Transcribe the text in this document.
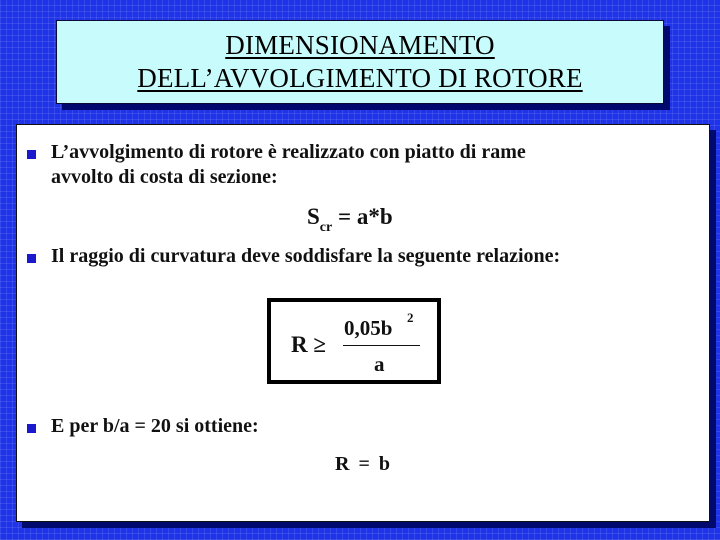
DIMENSIONAMENTO
DELL’AVVOLGIMENTO DI ROTORE
L’avvolgimento di rotore è realizzato con piatto di rame
avvolto di costa di sezione:
$S_{cr} = a*b$
Il raggio di curvatura deve soddisfare la seguente relazione:
R ≥
0,05b 2
a
E per b/a = 20 si ottiene:
R = b
